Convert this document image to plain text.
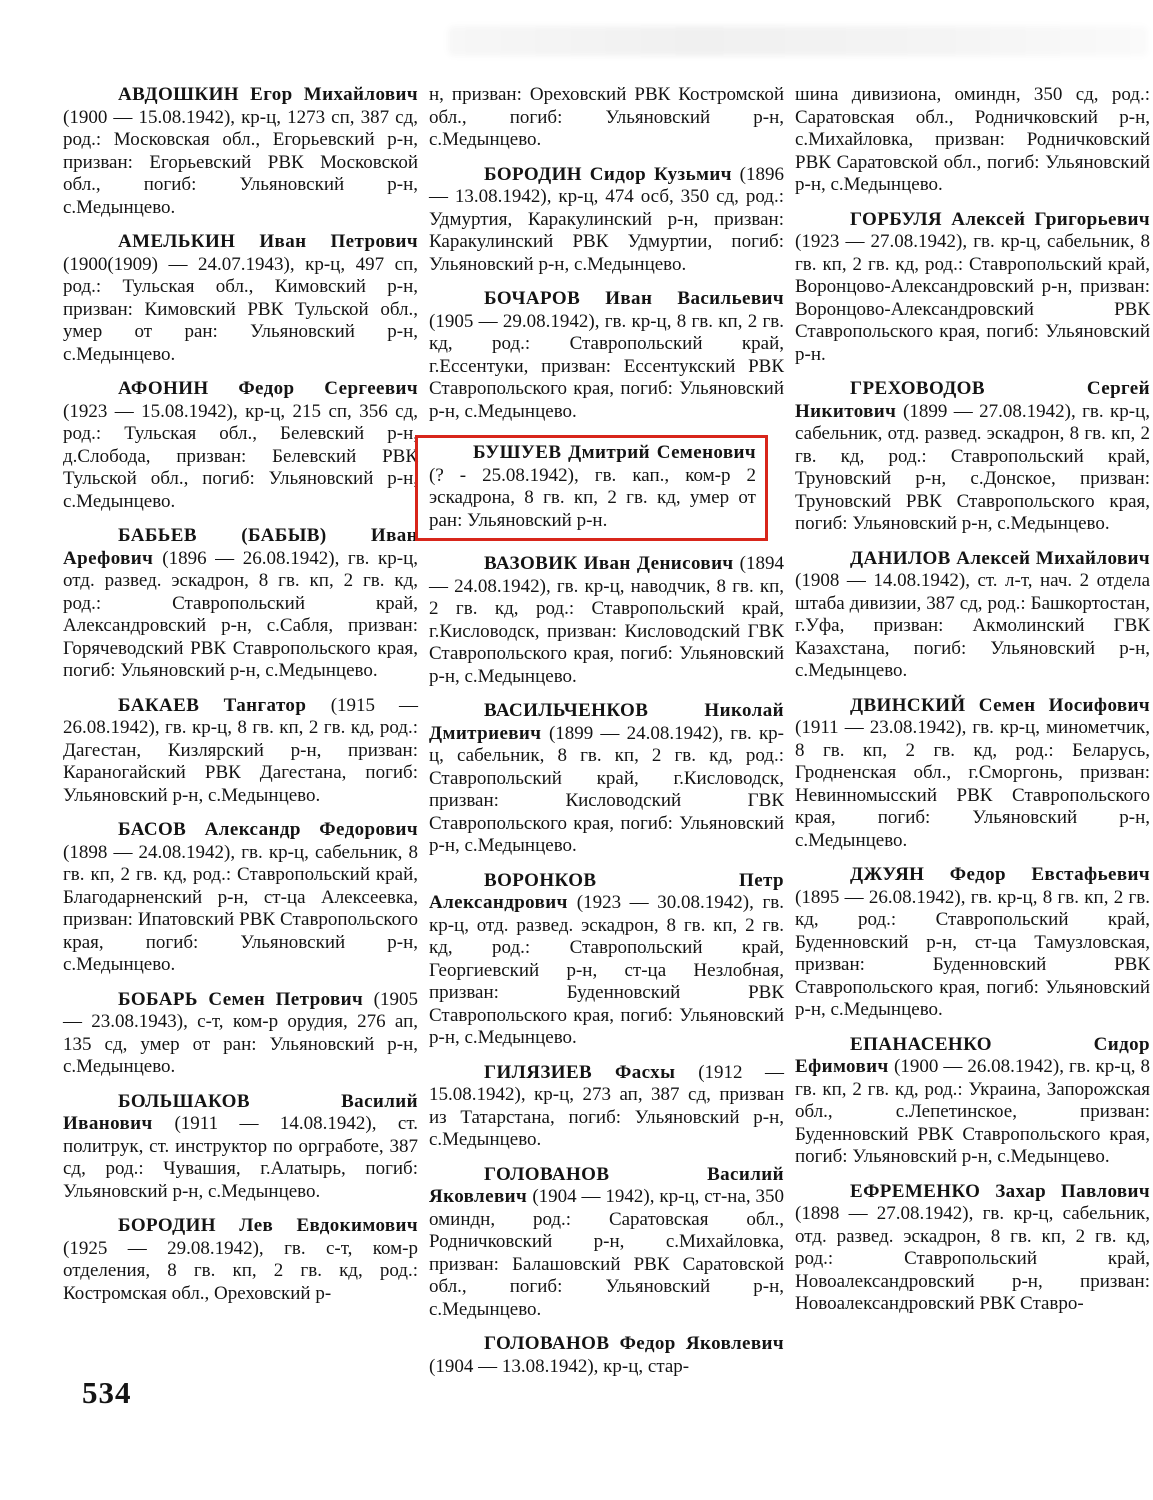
АВДОШКИН Егор Михайлович (1900 — 15.08.1942), кр-ц, 1273 сп, 387 сд, род.: Московская обл., Егорьевский р-н, призван: Егорьевский РВК Московской обл., погиб: Ульяновский р-н, с.Медынцево.

АМЕЛЬКИН Иван Петрович (1900(1909) — 24.07.1943), кр-ц, 497 сп, род.: Тульская обл., Кимовский р-н, призван: Кимовский РВК Тульской обл., умер от ран: Ульяновский р-н, с.Медынцево.

АФОНИН Федор Сергеевич (1923 — 15.08.1942), кр-ц, 215 сп, 356 сд, род.: Тульская обл., Белевский р-н, д.Слобода, призван: Белевский РВК Тульской обл., погиб: Ульяновский р-н, с.Медынцево.

БАБЬЕВ (БАБЫВ) Иван Арефович (1896 — 26.08.1942), гв. кр-ц, отд. развед. эскадрон, 8 гв. кп, 2 гв. кд, род.: Ставропольский край, Александровский р-н, с.Сабля, призван: Горячеводский РВК Ставропольского края, погиб: Ульяновский р-н, с.Медынцево.

БАКАЕВ Тангатор (1915 — 26.08.1942), гв. кр-ц, 8 гв. кп, 2 гв. кд, род.: Дагестан, Кизлярский р-н, призван: Караногайский РВК Дагестана, погиб: Ульяновский р-н, с.Медынцево.

БАСОВ Александр Федорович (1898 — 24.08.1942), гв. кр-ц, сабельник, 8 гв. кп, 2 гв. кд, род.: Ставропольский край, Благодарненский р-н, ст-ца Алексеевка, призван: Ипатовский РВК Ставропольского края, погиб: Ульяновский р-н, с.Медынцево.

БОБАРЬ Семен Петрович (1905 — 23.08.1943), с-т, ком-р орудия, 276 ап, 135 сд, умер от ран: Ульяновский р-н, с.Медынцево.

БОЛЬШАКОВ Василий Иванович (1911 — 14.08.1942), ст. политрук, ст. инструктор по оргработе, 387 сд, род.: Чувашия, г.Алатырь, погиб: Ульяновский р-н, с.Медынцево.

БОРОДИН Лев Евдокимович (1925 — 29.08.1942), гв. с-т, ком-р отделения, 8 гв. кп, 2 гв. кд, род.: Костромская обл., Ореховский р-

н, призван: Ореховский РВК Костромской обл., погиб: Ульяновский р-н, с.Медынцево.

БОРОДИН Сидор Кузьмич (1896 — 13.08.1942), кр-ц, 474 осб, 350 сд, род.: Удмуртия, Каракулинский р-н, призван: Каракулинский РВК Удмуртии, погиб: Ульяновский р-н, с.Медынцево.

БОЧАРОВ Иван Васильевич (1905 — 29.08.1942), гв. кр-ц, 8 гв. кп, 2 гв. кд, род.: Ставропольский край, г.Ессентуки, призван: Ессентукский РВК Ставропольского края, погиб: Ульяновский р-н, с.Медынцево.

БУШУЕВ Дмитрий Семенович (? - 25.08.1942), гв. кап., ком-р 2 эскадрона, 8 гв. кп, 2 гв. кд, умер от ран: Ульяновский р-н.

ВАЗОВИК Иван Денисович (1894 — 24.08.1942), гв. кр-ц, наводчик, 8 гв. кп, 2 гв. кд, род.: Ставропольский край, г.Кисловодск, призван: Кисловодский ГВК Ставропольского края, погиб: Ульяновский р-н, с.Медынцево.

ВАСИЛЬЧЕНКОВ Николай Дмитриевич (1899 — 24.08.1942), гв. кр-ц, сабельник, 8 гв. кп, 2 гв. кд, род.: Ставропольский край, г.Кисловодск, призван: Кисловодский ГВК Ставропольского края, погиб: Ульяновский р-н, с.Медынцево.

ВОРОНКОВ Петр Александрович (1923 — 30.08.1942), гв. кр-ц, отд. развед. эскадрон, 8 гв. кп, 2 гв. кд, род.: Ставропольский край, Георгиевский р-н, ст-ца Незлобная, призван: Буденновский РВК Ставропольского края, погиб: Ульяновский р-н, с.Медынцево.

ГИЛЯЗИЕВ Фасхы (1912 — 15.08.1942), кр-ц, 273 ап, 387 сд, призван из Татарстана, погиб: Ульяновский р-н, с.Медынцево.

ГОЛОВАНОВ Василий Яковлевич (1904 — 1942), кр-ц, ст-на, 350 оминдн, род.: Саратовская обл., Родничковский р-н, с.Михайловка, призван: Балашовский РВК Саратовской обл., погиб: Ульяновский р-н, с.Медынцево.

ГОЛОВАНОВ Федор Яковлевич (1904 — 13.08.1942), кр-ц, стар-

шина дивизиона, оминдн, 350 сд, род.: Саратовская обл., Родничковский р-н, с.Михайловка, призван: Родничковский РВК Саратовской обл., погиб: Ульяновский р-н, с.Медынцево.

ГОРБУЛЯ Алексей Григорьевич (1923 — 27.08.1942), гв. кр-ц, сабельник, 8 гв. кп, 2 гв. кд, род.: Ставропольский край, Воронцово-Александровский р-н, призван: Воронцово-Александровский РВК Ставропольского края, погиб: Ульяновский р-н.

ГРЕХОВОДОВ Сергей Никитович (1899 — 27.08.1942), гв. кр-ц, сабельник, отд. развед. эскадрон, 8 гв. кп, 2 гв. кд, род.: Ставропольский край, Труновский р-н, с.Донское, призван: Труновский РВК Ставропольского края, погиб: Ульяновский р-н, с.Медынцево.

ДАНИЛОВ Алексей Михайлович (1908 — 14.08.1942), ст. л-т, нач. 2 отдела штаба дивизии, 387 сд, род.: Башкортостан, г.Уфа, призван: Акмолинский ГВК Казахстана, погиб: Ульяновский р-н, с.Медынцево.

ДВИНСКИЙ Семен Иосифович (1911 — 23.08.1942), гв. кр-ц, минометчик, 8 гв. кп, 2 гв. кд, род.: Беларусь, Гродненская обл., г.Сморгонь, призван: Невинномысский РВК Ставропольского края, погиб: Ульяновский р-н, с.Медынцево.

ДЖУЯН Федор Евстафьевич (1895 — 26.08.1942), гв. кр-ц, 8 гв. кп, 2 гв. кд, род.: Ставропольский край, Буденновский р-н, ст-ца Тамузловская, призван: Буденновский РВК Ставропольского края, погиб: Ульяновский р-н, с.Медынцево.

ЕПАНАСЕНКО Сидор Ефимович (1900 — 26.08.1942), гв. кр-ц, 8 гв. кп, 2 гв. кд, род.: Украина, Запорожская обл., с.Лепетинское, призван: Буденновский РВК Ставропольского края, погиб: Ульяновский р-н, с.Медынцево.

ЕФРЕМЕНКО Захар Павлович (1898 — 27.08.1942), гв. кр-ц, сабельник, отд. развед. эскадрон, 8 гв. кп, 2 гв. кд, род.: Ставропольский край, Новоалександровский р-н, призван: Новоалександровский РВК Ставро-

534
